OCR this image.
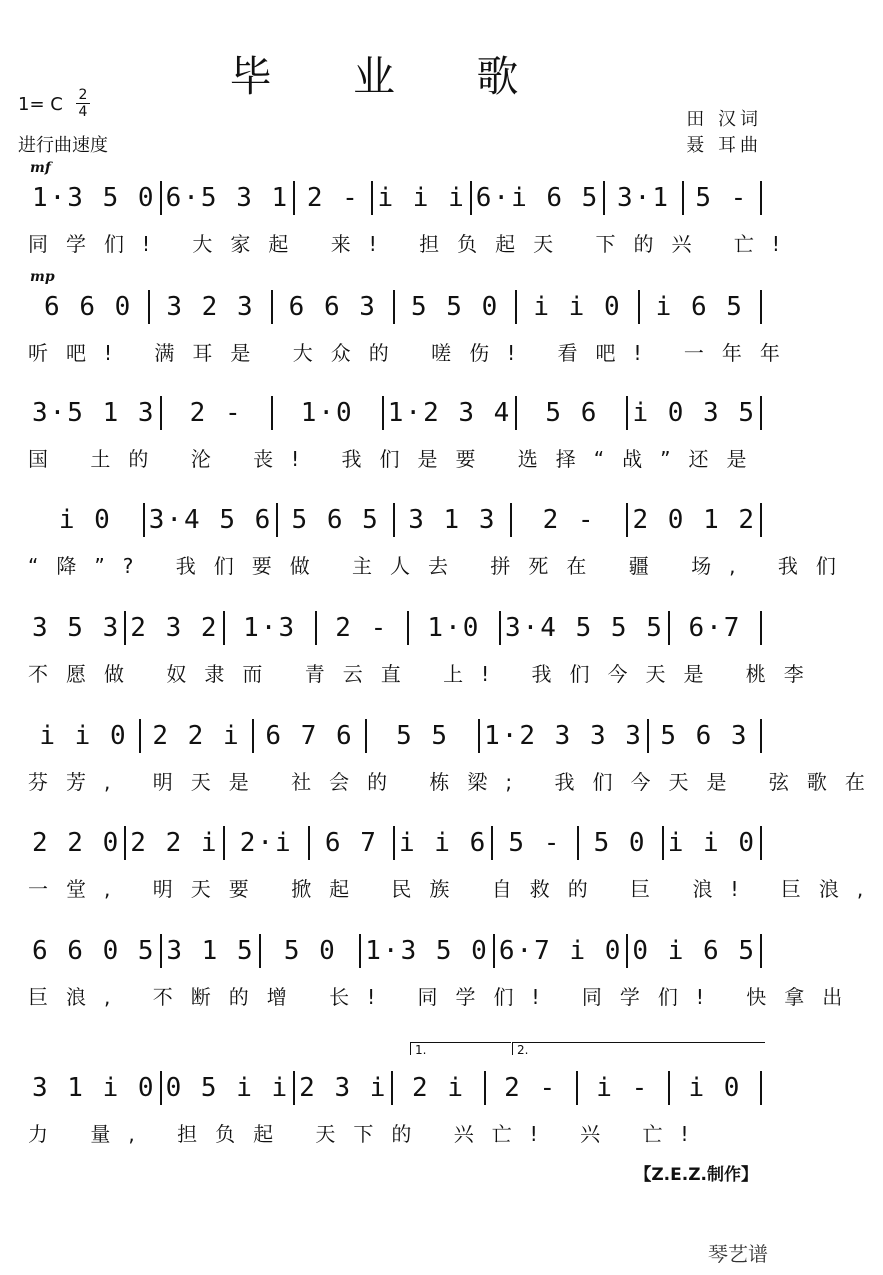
毕 业 歌
1= C 2
4
进行曲速度
田 汉词
聂 耳曲
mf
1·3 5 0 6·5 3 1 2 - i i i 6·i 6 5 3·1 5 -
同学们! 大家起 来! 担负起天 下的兴 亡!
mp
6 6 0	3 2 3	6 6 3	5 5 0	i i 0	i 6 5
听吧! 满耳是 大众的 嗟伤! 看吧! 一年年
3·5 1 3	2 -	1·0	1·2 3 4	5 6	i 0 3 5
国 土的 沦 丧! 我们是要 选择“战”还是
i 0	3·4 5 6 5 6 5	3 1 3	2 -	2 0 1 2
“降”? 我们要做 主人去 拼死在 疆 场, 我们
3 5 3 2 3 2 1·3	2 -	1·0 3·4 5 5 5 6·7
不愿做 奴隶而 青云直 上! 我们今天是 桃李
i i 0 2 2 i 6 7 6	5 5	1·2 3 3 3 5 6 3
芬芳, 明天是 社会的 栋梁; 我们今天是 弦歌在
2 2 0 2 2 i 2·i	6 7 i i 6 5 -	5 0 i i 0
一堂, 明天要 掀起 民族 自救的 巨 浪! 巨浪,
6 6 0 5 3 1 5	5 0	1·3 5 0 6·7 i 0 0 i 6 5
巨浪, 不断的增 长! 同学们! 同学们! 快拿出
3 1 i 0 0 5 i i 2 3 i 2 i	2 -	i -	i 0
力 量, 担负起 天下的 兴亡! 兴 亡!
【Z.E.Z.制作】
琴艺谱
1.	2.
